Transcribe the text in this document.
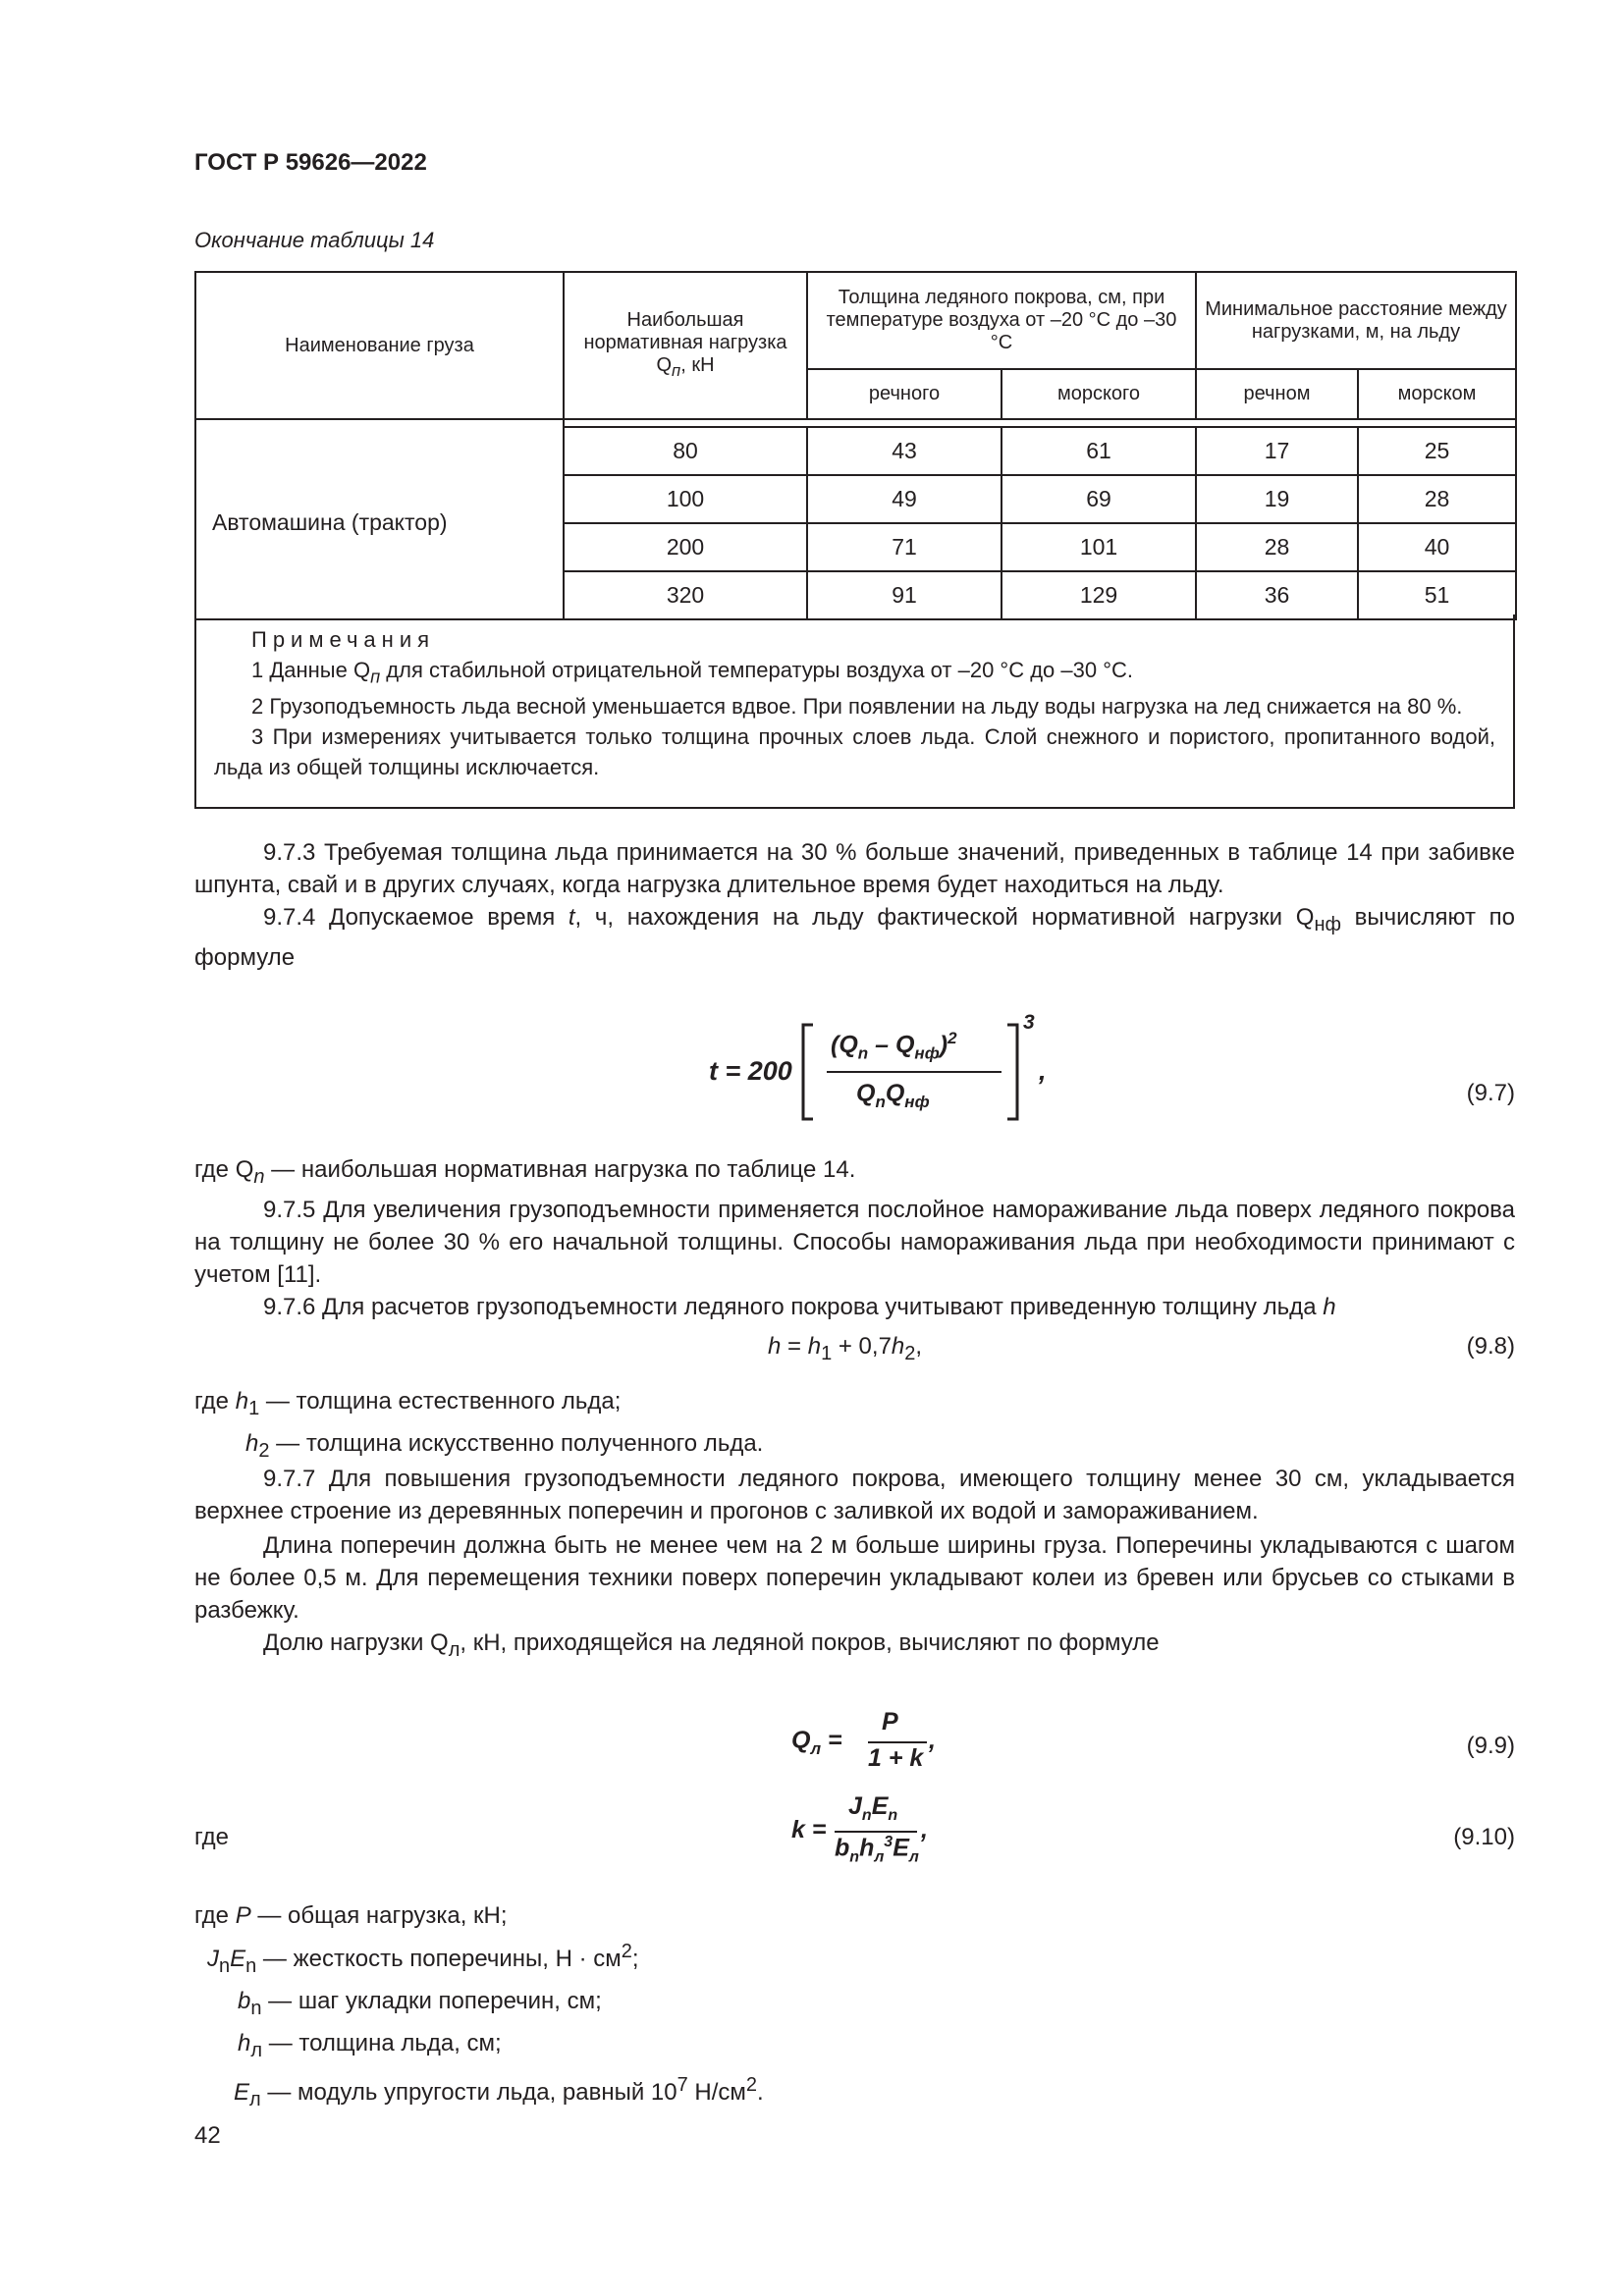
ГОСТ Р 59626—2022
Окончание таблицы 14
Наименование груза	Наибольшая нормативная нагрузка $Q_п$, кН	Толщина ледяного покрова, см, при температуре воздуха от –20 °С до –30 °С		Минимальное расстояние между нагрузками, м, на льду	
		речного	морского	речном	морском

Автомашина (трактор)	80	43	61	17	25
	100	49	69	19	28
	200	71	101	28	40
	320	91	129	36	51

Примечания

1 Данные $Q_п$ для стабильной отрицательной температуры воздуха от –20 °С до –30 °С.

2 Грузоподъемность льда весной уменьшается вдвое. При появлении на льду воды нагрузка на лед снижается на 80 %.

3 При измерениях учитывается только толщина прочных слоев льда. Слой снежного и пористого, пропитанного водой, льда из общей толщины исключается.

9.7.3 Требуемая толщина льда принимается на 30 % больше значений, приведенных в таблице 14 при забивке шпунта, свай и в других случаях, когда нагрузка длительное время будет находиться на льду.

9.7.4 Допускаемое время t, ч, нахождения на льду фактической нормативной нагрузки $Q_{нф}$ вычисляют по формуле

t = 200
$(Q_n - Q_{нф})^2$
$Q_nQ_{нф}$
3
,
(9.7)

где $Q_n$ — наибольшая нормативная нагрузка по таблице 14.

9.7.5 Для увеличения грузоподъемности применяется послойное намораживание льда поверх ледяного покрова на толщину не более 30 % его начальной толщины. Способы намораживания льда при необходимости принимают с учетом [11].

9.7.6 Для расчетов грузоподъемности ледяного покрова учитывают приведенную толщину льда h

$h = h_1 + 0,7h_2$,	(9.8)
где $h_1$ — толщина естественного льда;
$h_2$ — толщина искусственно полученного льда.

9.7.7 Для повышения грузоподъемности ледяного покрова, имеющего толщину менее 30 см, укладывается верхнее строение из деревянных поперечин и прогонов с заливкой их водой и замораживанием.

Длина поперечин должна быть не менее чем на 2 м больше ширины груза. Поперечины укладываются с шагом не более 0,5 м. Для перемещения техники поверх поперечин укладывают колеи из бревен или брусьев со стыками в разбежку.

Долю нагрузки $Q_л$, кН, приходящейся на ледяной покров, вычисляют по формуле

$Q_л$ =
P
1 + k
,	(9.9)
где	k =
$J_nE_n$
$b_nh_л^3E_л$
,	(9.10)
где P — общая нагрузка, кН;
$J_nE_n$ — жесткость поперечины, $Н \cdot см^2$;
$b_n$ — шаг укладки поперечин, см;
$h_л$ — толщина льда, см;
$E_л$ — модуль упругости льда, равный $10^7$ $Н/см^2$.
42
